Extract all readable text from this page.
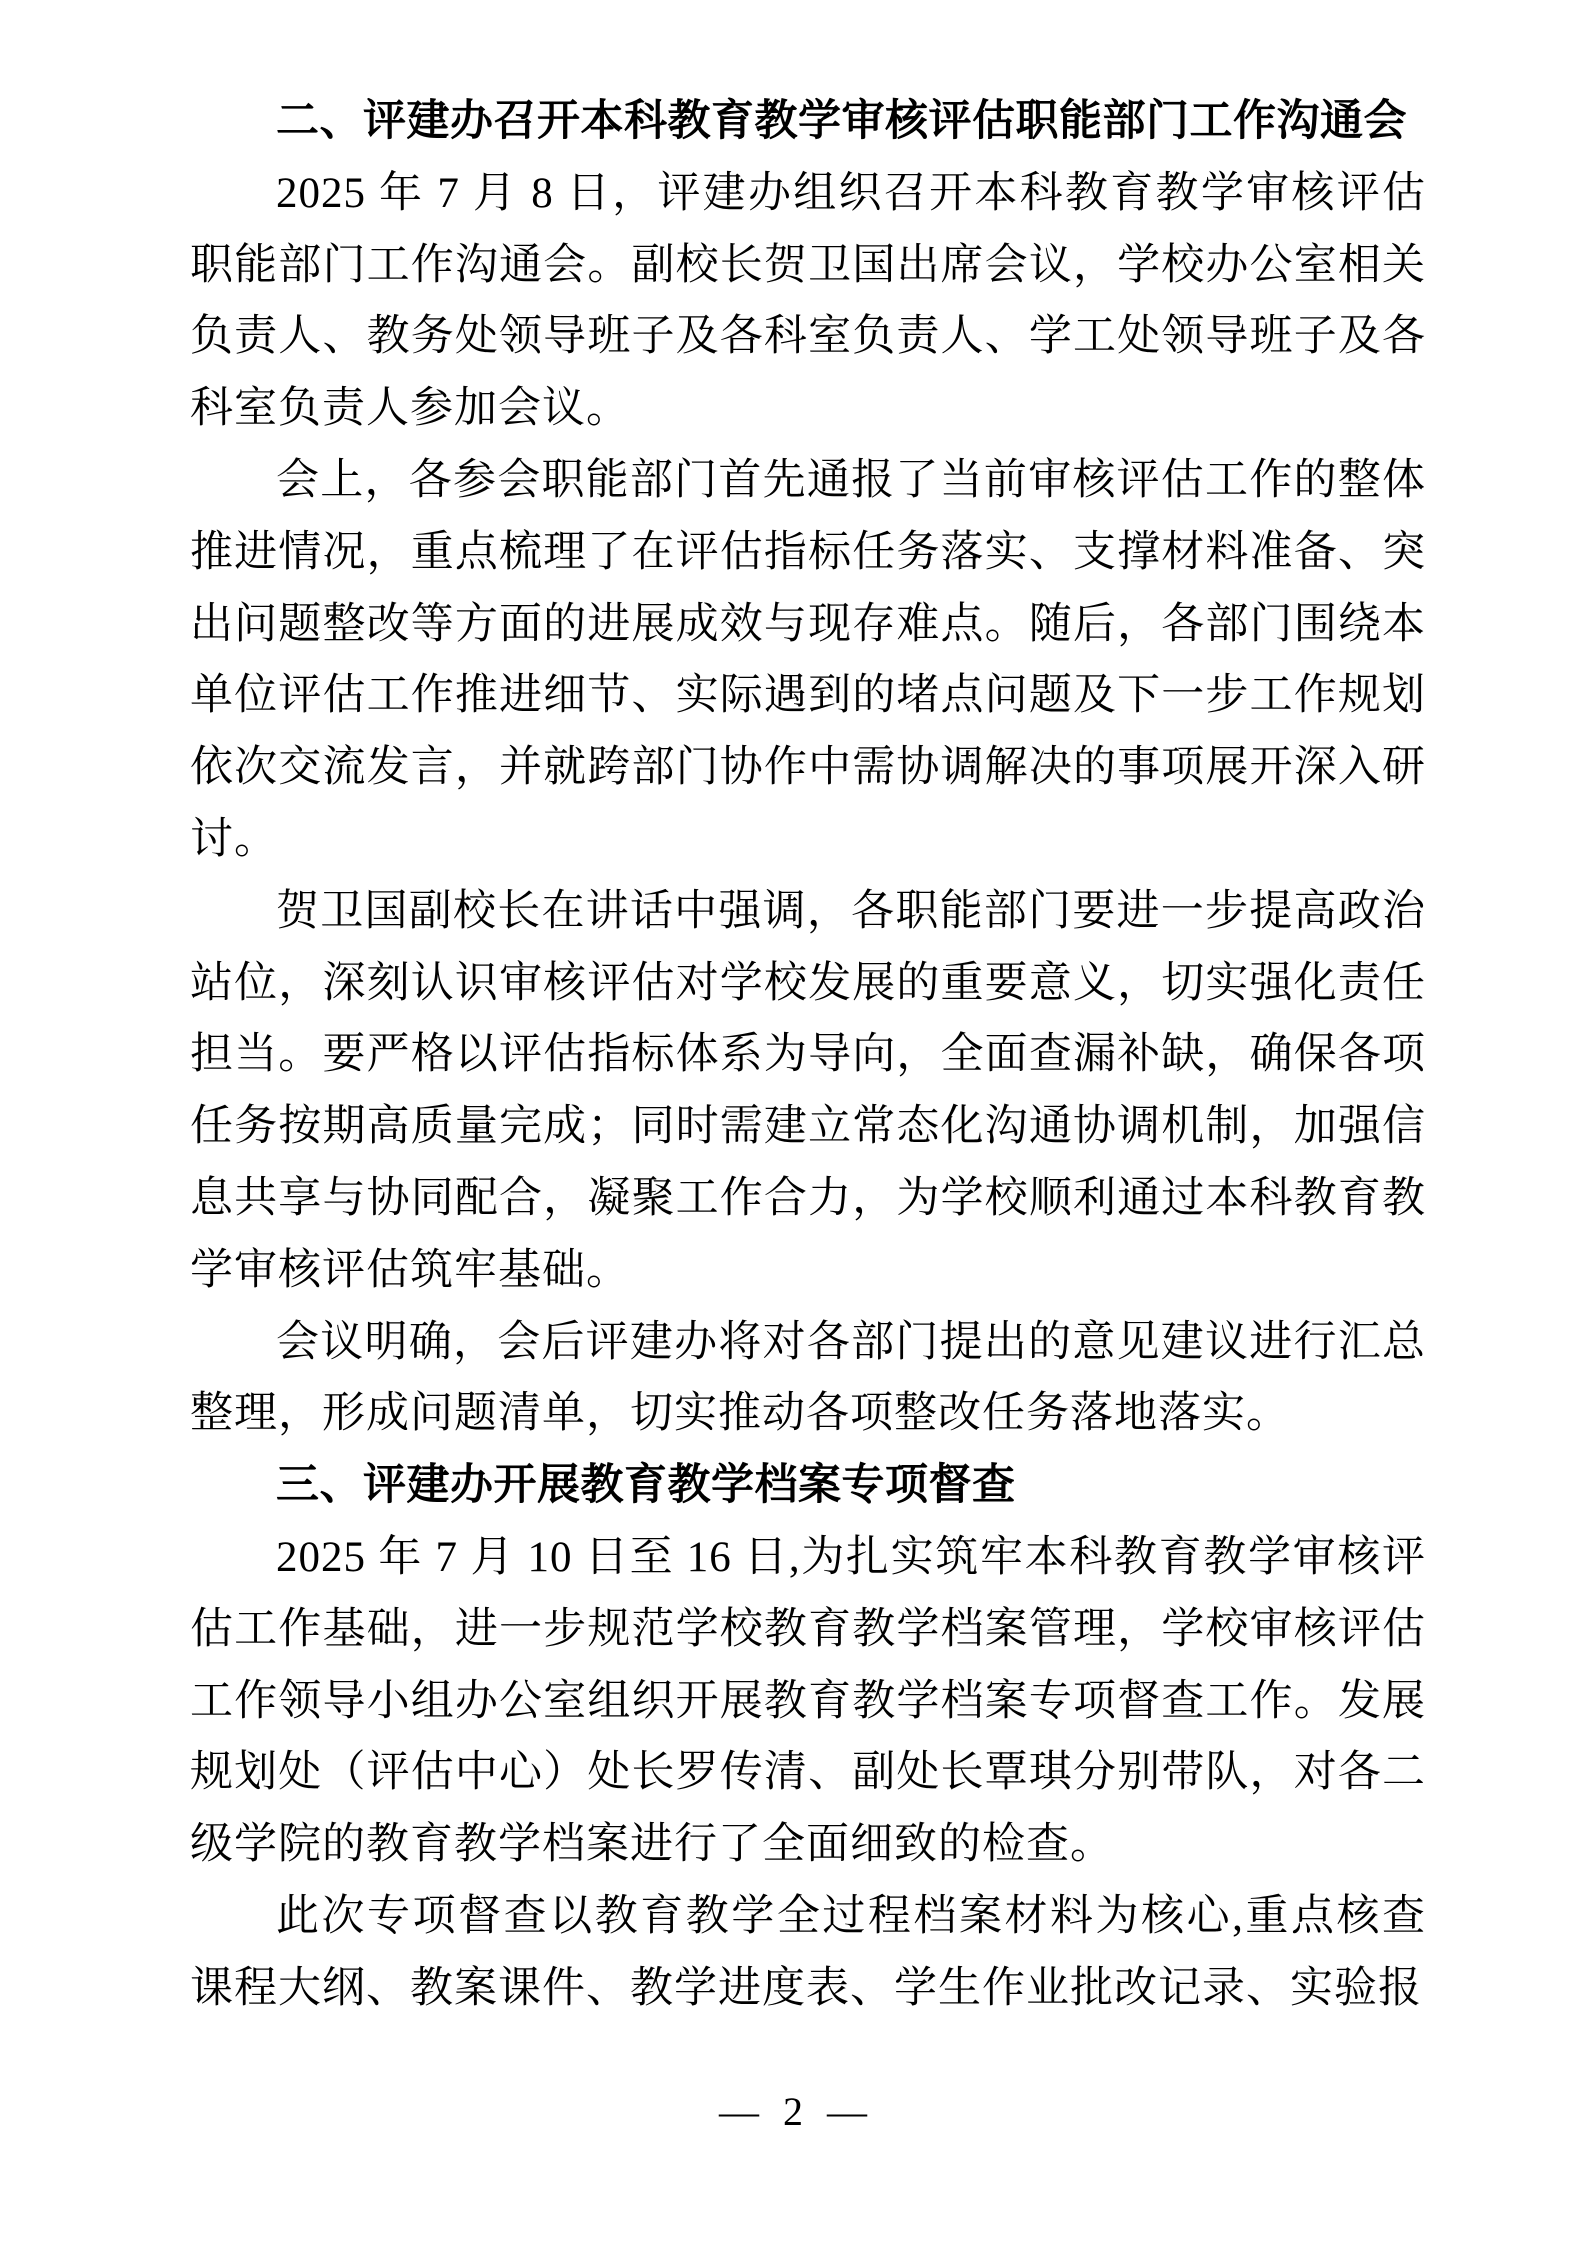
二、评建办召开本科教育教学审核评估职能部门工作沟通会

2025 年 7 月 8 日，评建办组织召开本科教育教学审核评估职能部门工作沟通会。副校长贺卫国出席会议，学校办公室相关负责人、教务处领导班子及各科室负责人、学工处领导班子及各科室负责人参加会议。

会上，各参会职能部门首先通报了当前审核评估工作的整体推进情况，重点梳理了在评估指标任务落实、支撑材料准备、突出问题整改等方面的进展成效与现存难点。随后，各部门围绕本单位评估工作推进细节、实际遇到的堵点问题及下一步工作规划依次交流发言，并就跨部门协作中需协调解决的事项展开深入研讨。

贺卫国副校长在讲话中强调，各职能部门要进一步提高政治站位，深刻认识审核评估对学校发展的重要意义，切实强化责任担当。要严格以评估指标体系为导向，全面查漏补缺，确保各项任务按期高质量完成；同时需建立常态化沟通协调机制，加强信息共享与协同配合，凝聚工作合力，为学校顺利通过本科教育教学审核评估筑牢基础。

会议明确，会后评建办将对各部门提出的意见建议进行汇总整理，形成问题清单，切实推动各项整改任务落地落实。

三、评建办开展教育教学档案专项督查

2025 年 7 月 10 日至 16 日,为扎实筑牢本科教育教学审核评估工作基础，进一步规范学校教育教学档案管理，学校审核评估工作领导小组办公室组织开展教育教学档案专项督查工作。发展规划处（评估中心）处长罗传清、副处长覃琪分别带队，对各二级学院的教育教学档案进行了全面细致的检查。

此次专项督查以教育教学全过程档案材料为核心,重点核查课程大纲、教案课件、教学进度表、学生作业批改记录、实验报

— 2 —
